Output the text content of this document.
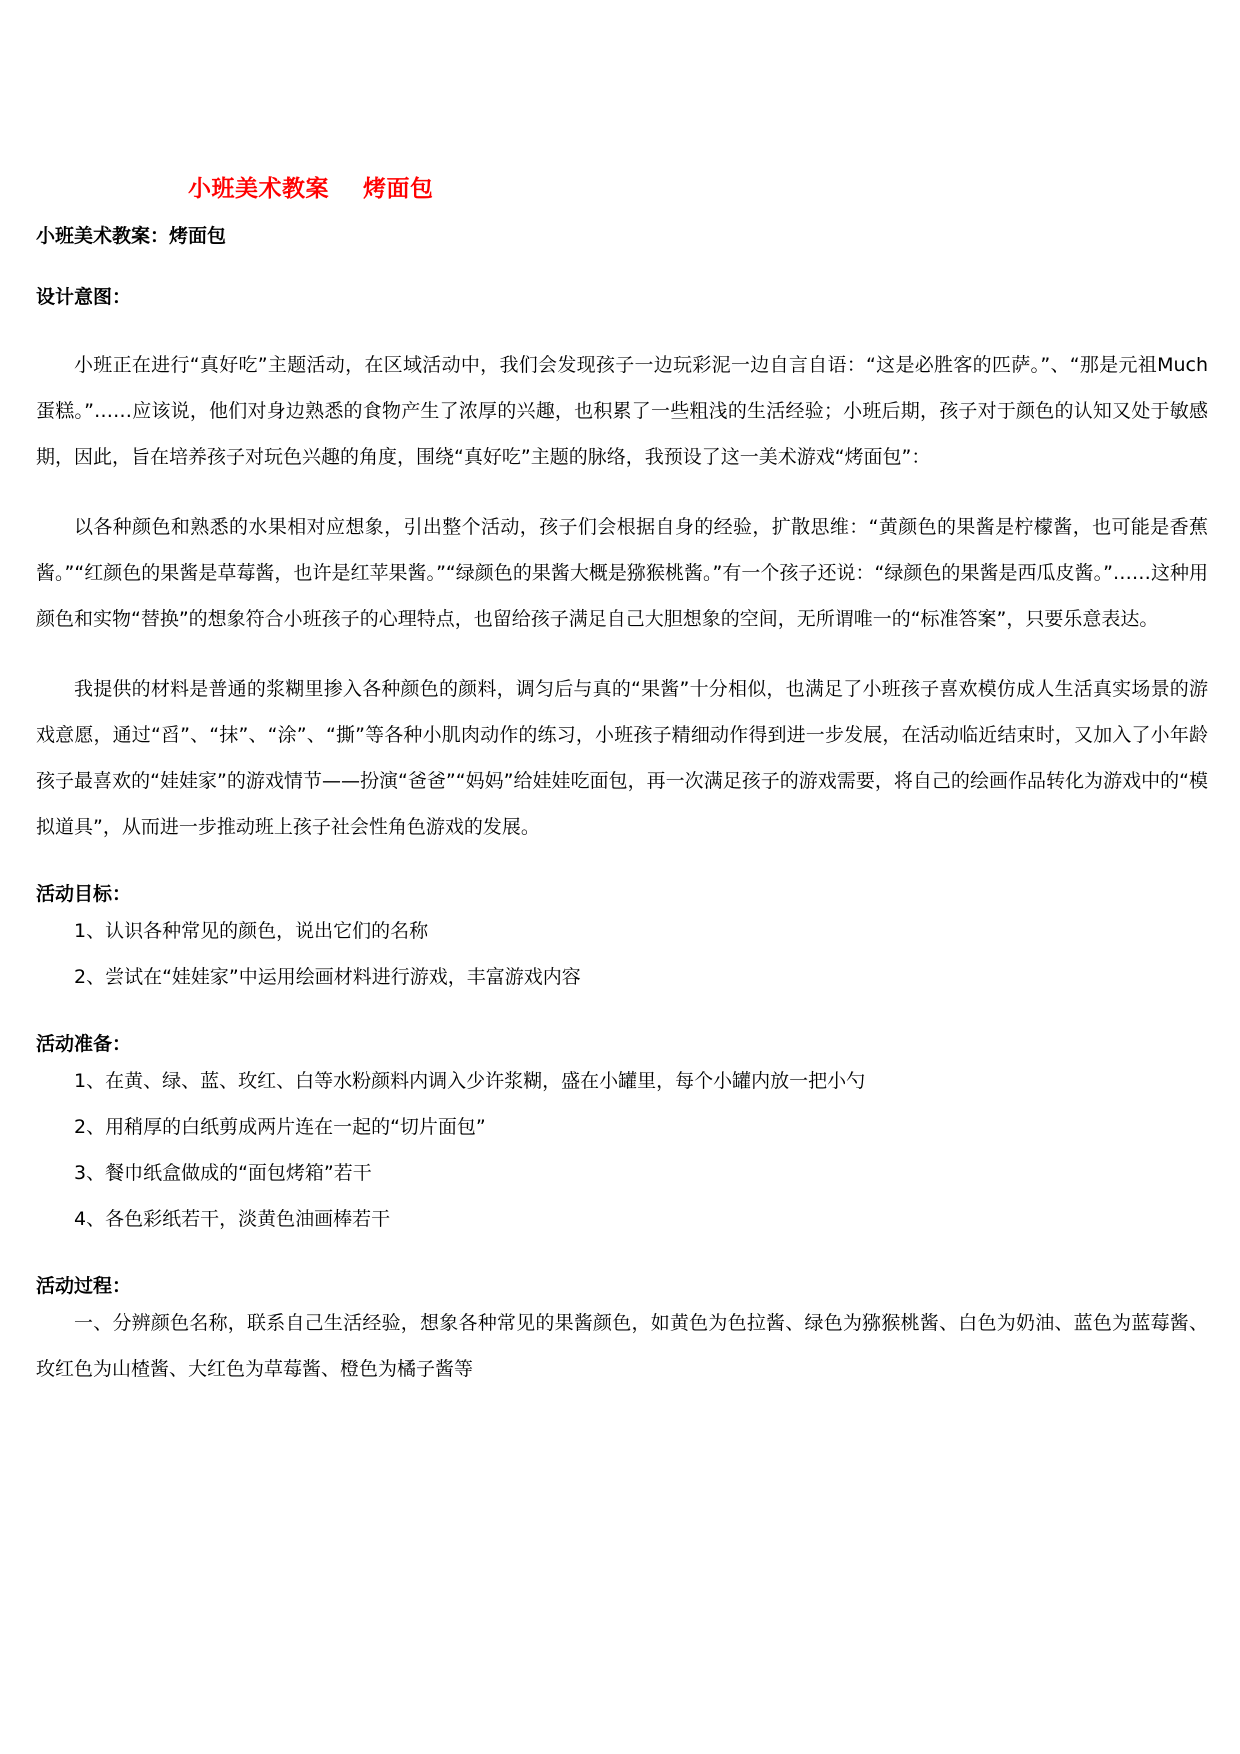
小班美术教案    烤面包

小班美术教案：烤面包

设计意图：

小班正在进行“真好吃”主题活动，在区域活动中，我们会发现孩子一边玩彩泥一边自言自语：“这是必胜客的匹萨。”、“那是元祖Much蛋糕。”……应该说，他们对身边熟悉的食物产生了浓厚的兴趣，也积累了一些粗浅的生活经验；小班后期，孩子对于颜色的认知又处于敏感期，因此，旨在培养孩子对玩色兴趣的角度，围绕“真好吃”主题的脉络，我预设了这一美术游戏“烤面包”：

以各种颜色和熟悉的水果相对应想象，引出整个活动，孩子们会根据自身的经验，扩散思维：“黄颜色的果酱是柠檬酱，也可能是香蕉酱。”“红颜色的果酱是草莓酱，也许是红苹果酱。”“绿颜色的果酱大概是猕猴桃酱。”有一个孩子还说：“绿颜色的果酱是西瓜皮酱。”……这种用颜色和实物“替换”的想象符合小班孩子的心理特点，也留给孩子满足自己大胆想象的空间，无所谓唯一的“标准答案”，只要乐意表达。

我提供的材料是普通的浆糊里掺入各种颜色的颜料，调匀后与真的“果酱”十分相似，也满足了小班孩子喜欢模仿成人生活真实场景的游戏意愿，通过“舀”、“抹”、“涂”、“撕”等各种小肌肉动作的练习，小班孩子精细动作得到进一步发展，在活动临近结束时，又加入了小年龄孩子最喜欢的“娃娃家”的游戏情节——扮演“爸爸”“妈妈”给娃娃吃面包，再一次满足孩子的游戏需要，将自己的绘画作品转化为游戏中的“模拟道具”，从而进一步推动班上孩子社会性角色游戏的发展。

活动目标：

1、认识各种常见的颜色，说出它们的名称

2、尝试在“娃娃家”中运用绘画材料进行游戏，丰富游戏内容

活动准备：

1、在黄、绿、蓝、玫红、白等水粉颜料内调入少许浆糊，盛在小罐里，每个小罐内放一把小勺

2、用稍厚的白纸剪成两片连在一起的“切片面包”

3、餐巾纸盒做成的“面包烤箱”若干

4、各色彩纸若干，淡黄色油画棒若干

活动过程：

一、分辨颜色名称，联系自己生活经验，想象各种常见的果酱颜色，如黄色为色拉酱、绿色为猕猴桃酱、白色为奶油、蓝色为蓝莓酱、玫红色为山楂酱、大红色为草莓酱、橙色为橘子酱等
